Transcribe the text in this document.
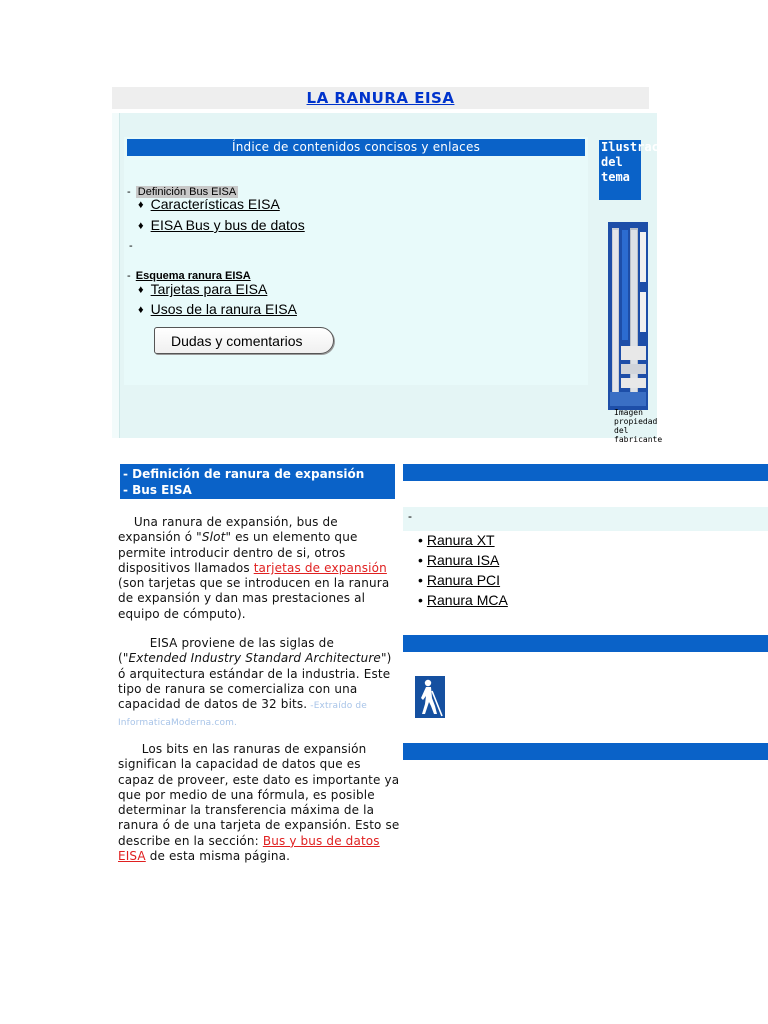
LA RANURA EISA
Índice de contenidos concisos y enlaces
- Definición Bus EISA
♦ Características EISA
♦ EISA Bus y bus de datos
-
- Esquema ranura EISA
♦ Tarjetas para EISA
♦ Usos de la ranura EISA
Dudas y comentarios
Ilustración del tema
Imagen propiedad del fabricante
- Definición de ranura de expansión
- Bus EISA
Una ranura de expansión, bus de expansión ó "Slot" es un elemento que permite introducir dentro de si, otros dispositivos llamados tarjetas de expansión (son tarjetas que se introducen en la ranura de expansión y dan mas prestaciones al equipo de cómputo).
EISA proviene de las siglas de ("Extended Industry Standard Architecture") ó arquitectura estándar de la industria. Este tipo de ranura se comercializa con una capacidad de datos de 32 bits. -Extraído de InformaticaModerna.com.
Los bits en las ranuras de expansión significan la capacidad de datos que es capaz de proveer, este dato es importante ya que por medio de una fórmula, es posible determinar la transferencia máxima de la ranura ó de una tarjeta de expansión. Esto se describe en la sección: Bus y bus de datos EISA de esta misma página.
-
• Ranura XT
• Ranura ISA
• Ranura PCI
• Ranura MCA
